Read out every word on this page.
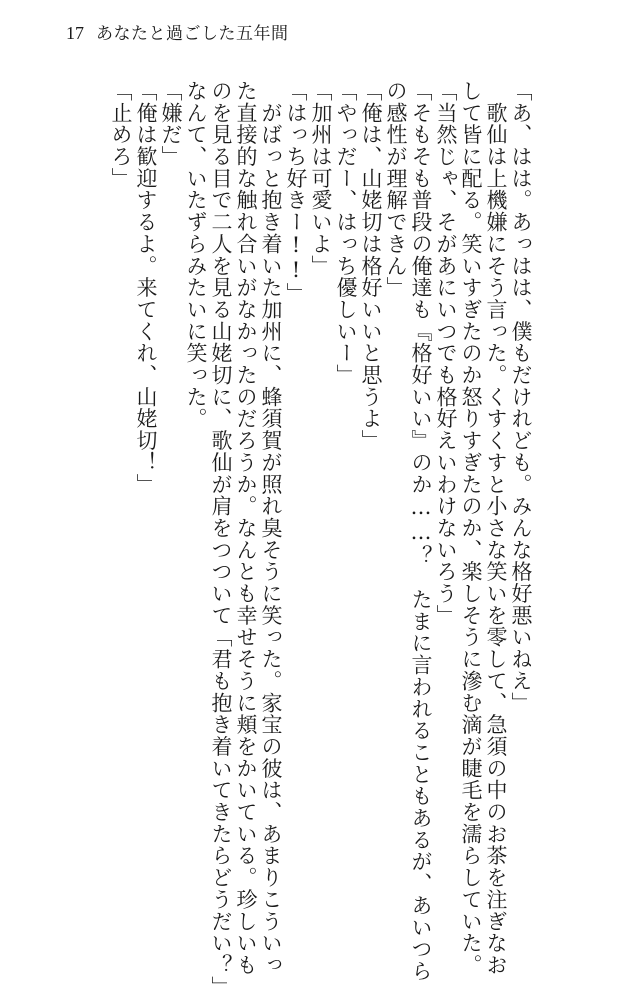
17 あなたと過ごした五年間
「あ、はは。あっはは、僕もだけれども。みんな格好悪いねえ」
　歌仙は上機嫌にそう言った。くすくすと小さな笑いを零して、急須の中のお茶を注ぎなお
して皆に配る。笑いすぎたのか怒りすぎたのか、楽しそうに滲む滴が睫毛を濡らしていた。
「当然じゃ、そがあにいつでも格好えいわけないろう」
「そもそも普段の俺達も『格好いい』のか……？　たまに言われることもあるが、あいつら
の感性が理解できん」
「俺は、山姥切は格好いいと思うよ」
「やっだー、はっち優しいー」
「加州は可愛いよ」
「はっち好きー!!」
　がばっと抱き着いた加州に、蜂須賀が照れ臭そうに笑った。家宝の彼は、あまりこういっ
た直接的な触れ合いがなかったのだろうか。なんとも幸せそうに頬をかいている。珍しいも
のを見る目で二人を見る山姥切に、歌仙が肩をつついて「君も抱き着いてきたらどうだい？」
なんて、いたずらみたいに笑った。
「嫌だ」
「俺は歓迎するよ。来てくれ、山姥切！」
「止めろ」
